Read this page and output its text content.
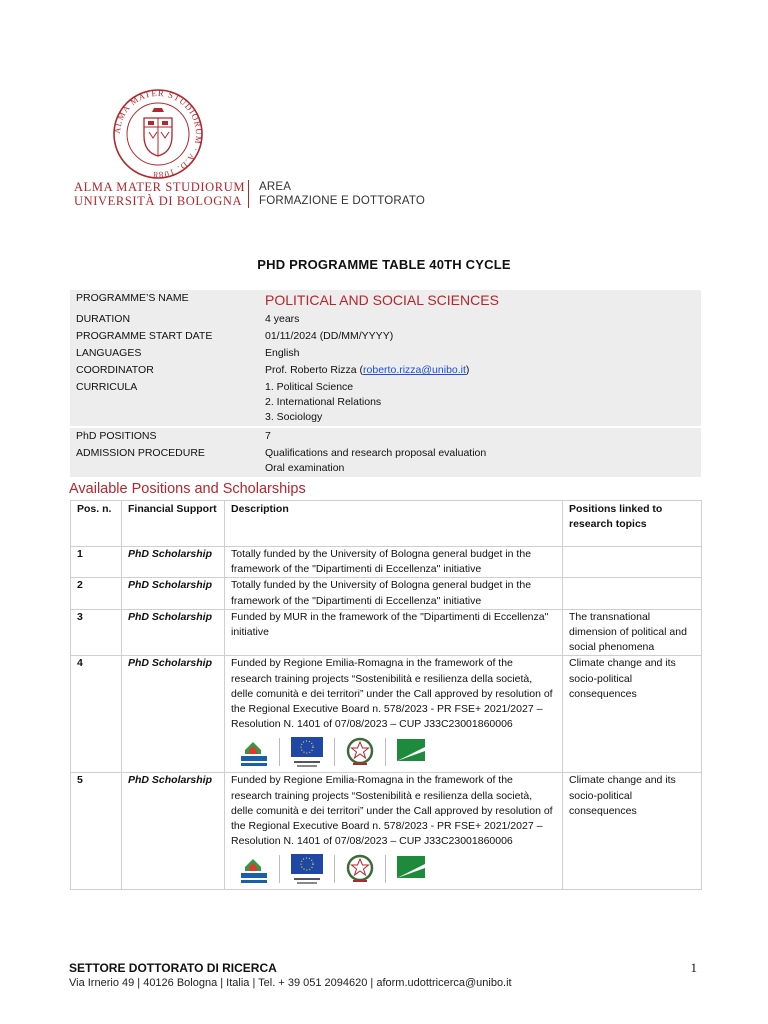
ALMA MATER STUDIORUM · A.D. 1088
ALMA MATER STUDIORUM
UNIVERSITÀ DI BOLOGNA
AREA
FORMAZIONE E DOTTORATO
PHD PROGRAMME TABLE 40TH CYCLE
PROGRAMME’S NAME	POLITICAL AND SOCIAL SCIENCES
DURATION	4 years
PROGRAMME START DATE	01/11/2024 (DD/MM/YYYY)
LANGUAGES	English
COORDINATOR	Prof. Roberto Rizza (roberto.rizza@unibo.it)
CURRICULA	1. Political Science
2. International Relations
3. Sociology

PhD POSITIONS	7
ADMISSION PROCEDURE	Qualifications and research proposal evaluation
Oral examination
Available Positions and Scholarships
Pos. n.	Financial Support	Description	Positions linked to research topics
1	PhD Scholarship	Totally funded by the University of Bologna general budget in the framework of the "Dipartimenti di Eccellenza" initiative	
2	PhD Scholarship	Totally funded by the University of Bologna general budget in the framework of the "Dipartimenti di Eccellenza" initiative	
3	PhD Scholarship	Funded by MUR in the framework of the "Dipartimenti di Eccellenza" initiative	The transnational dimension of political and social phenomena
4	PhD Scholarship	Funded by Regione Emilia-Romagna in the framework of the research training projects “Sostenibilità e resilienza della società, delle comunità e dei territori” under the Call approved by resolution of the Regional Executive Board n. 578/2023 - PR FSE+ 2021/2027 – Resolution N. 1401 of 07/08/2023 – CUP J33C23001860006	Climate change and its socio-political consequences
5	PhD Scholarship	Funded by Regione Emilia-Romagna in the framework of the research training projects “Sostenibilità e resilienza della società, delle comunità e dei territori” under the Call approved by resolution of the Regional Executive Board n. 578/2023 - PR FSE+ 2021/2027 – Resolution N. 1401 of 07/08/2023 – CUP J33C23001860006	Climate change and its socio-political consequences
SETTORE DOTTORATO DI RICERCA	1
Via Irnerio 49 | 40126 Bologna | Italia | Tel. + 39 051 2094620 | aform.udottricerca@unibo.it
